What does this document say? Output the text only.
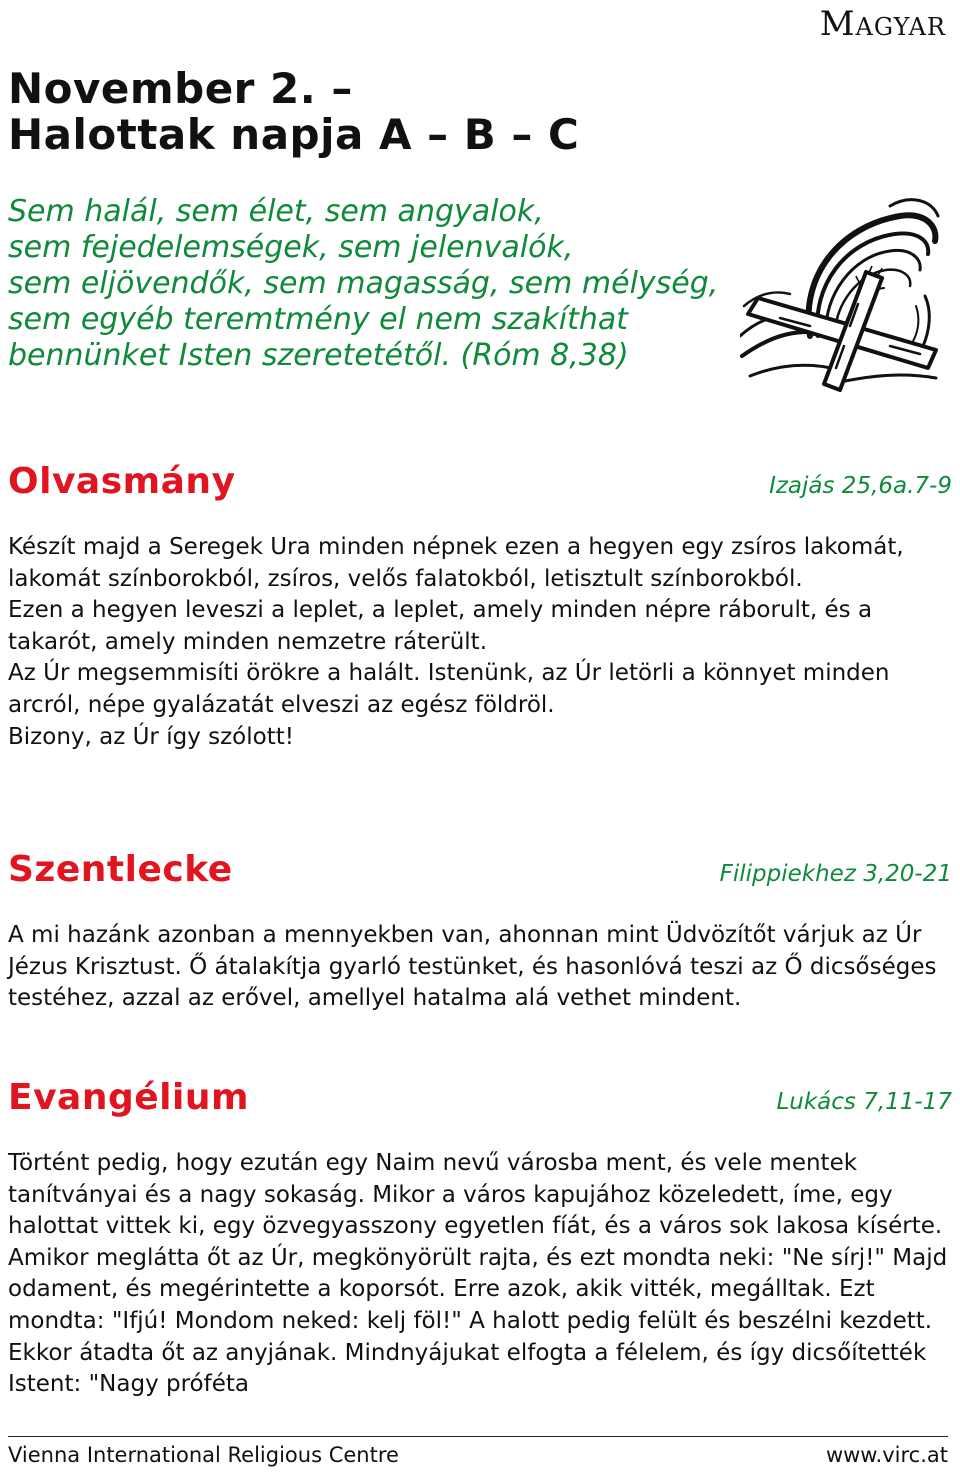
Magyar
November 2. –
Halottak napja A – B – C
Sem halál, sem élet, sem angyalok,
sem fejedelemségek, sem jelenvalók,
sem eljövendők, sem magasság, sem mélység,
sem egyéb teremtmény el nem szakíthat
bennünket Isten szeretetétől. (Róm 8,38)
Olvasmány	Izajás 25,6a.7-9

Készít majd a Seregek Ura minden népnek ezen a hegyen egy zsíros lakomát, lakomát színborokból, zsíros, velős falatokból, letisztult színborokból.

Ezen a hegyen leveszi a leplet, a leplet, amely minden népre ráborult, és a takarót, amely minden nemzetre ráterült.

Az Úr megsemmisíti örökre a halált. Istenünk, az Úr letörli a könnyet minden arcról, népe gyalázatát elveszi az egész földröl.

Bizony, az Úr így szólott!

Szentlecke	Filippiekhez 3,20-21

A mi hazánk azonban a mennyekben van, ahonnan mint Üdvözítőt várjuk az Úr Jézus Krisztust. Ő átalakítja gyarló testünket, és hasonlóvá teszi az Ő dicsőséges testéhez, azzal az erővel, amellyel hatalma alá vethet mindent.

Evangélium	Lukács 7,11-17

Történt pedig, hogy ezután egy Naim nevű városba ment, és vele mentek tanítványai és a nagy sokaság. Mikor a város kapujához közeledett, íme, egy halottat vittek ki, egy özvegyasszony egyetlen fíát, és a város sok lakosa kísérte. Amikor meglátta őt az Úr, megkönyörült rajta, és ezt mondta neki: "Ne sírj!" Majd odament, és megérintette a koporsót. Erre azok, akik vitték, megálltak. Ezt mondta: "Ifjú! Mondom neked: kelj föl!" A halott pedig felült és beszélni kezdett. Ekkor átadta őt az anyjának. Mindnyájukat elfogta a félelem, és így dicsőítették Istent: "Nagy próféta

Vienna International Religious Centre	www.virc.at
